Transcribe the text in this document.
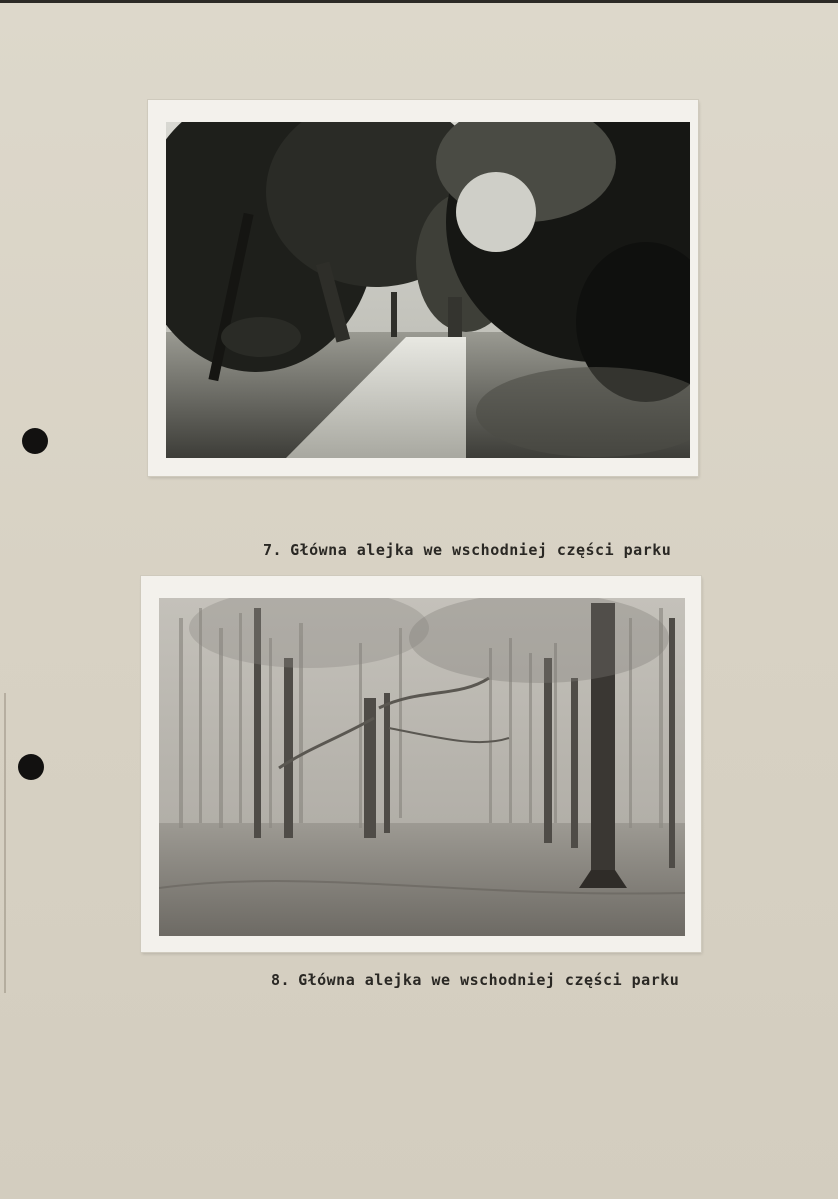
7. Główna alejka we wschodniej części parku
8. Główna alejka we wschodniej części parku
